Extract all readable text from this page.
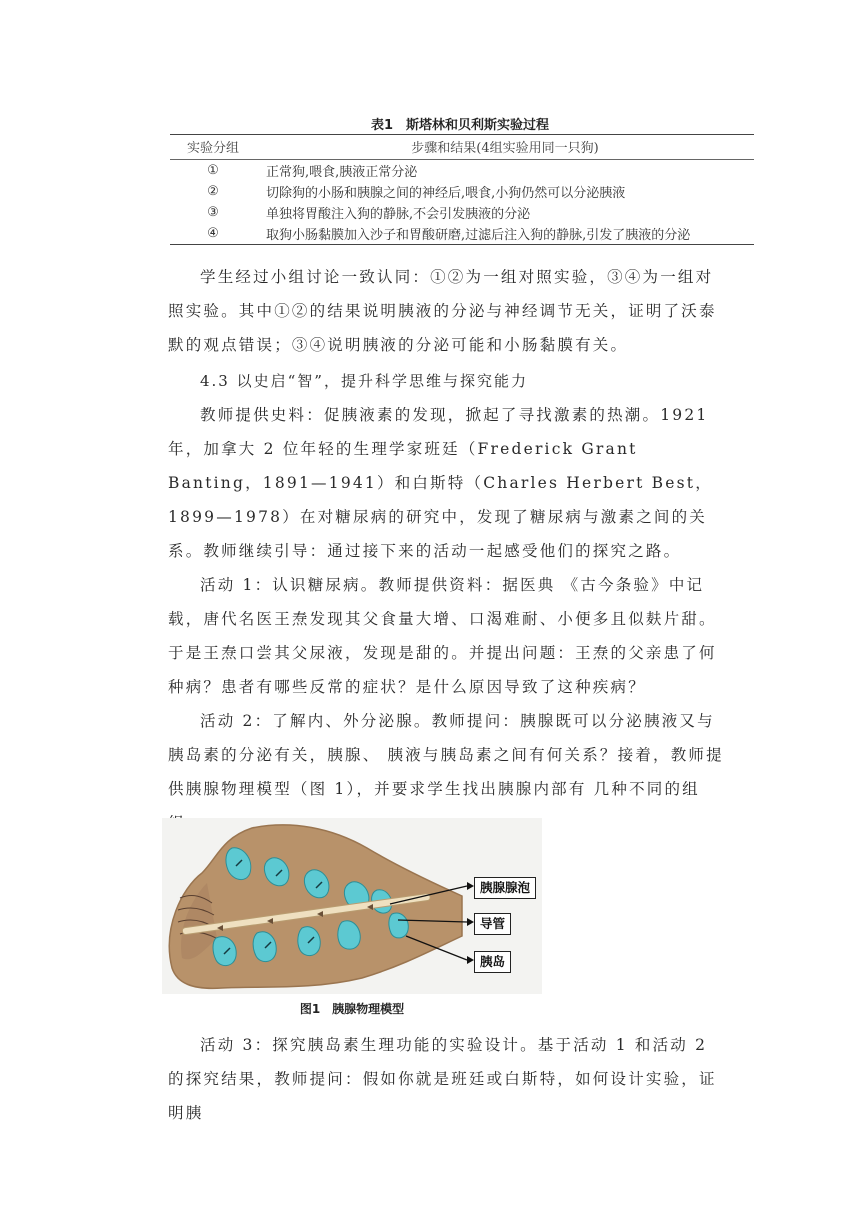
表1　斯塔林和贝利斯实验过程
实验分组	步骤和结果(4组实验用同一只狗)
①	正常狗,喂食,胰液正常分泌
②	切除狗的小肠和胰腺之间的神经后,喂食,小狗仍然可以分泌胰液
③	单独将胃酸注入狗的静脉,不会引发胰液的分泌
④	取狗小肠黏膜加入沙子和胃酸研磨,过滤后注入狗的静脉,引发了胰液的分泌

学生经过小组讨论一致认同：①②为一组对照实验，③④为一组对照实验。其中①②的结果说明胰液的分泌与神经调节无关，证明了沃泰默的观点错误；③④说明胰液的分泌可能和小肠黏膜有关。

4.3 以史启“智”，提升科学思维与探究能力

教师提供史料：促胰液素的发现，掀起了寻找激素的热潮。1921 年，加拿大 2 位年轻的生理学家班廷（Frederick Grant Banting，1891—1941）和白斯特（Charles Herbert Best，1899—1978）在对糖尿病的研究中，发现了糖尿病与激素之间的关系。教师继续引导：通过接下来的活动一起感受他们的探究之路。

活动 1：认识糖尿病。教师提供资料：据医典 《古今条验》中记载，唐代名医王焘发现其父食量大增、口渴难耐、小便多且似麸片甜。于是王焘口尝其父尿液，发现是甜的。并提出问题：王焘的父亲患了何种病？患者有哪些反常的症状？是什么原因导致了这种疾病？

活动 2：了解内、外分泌腺。教师提问：胰腺既可以分泌胰液又与胰岛素的分泌有关，胰腺、 胰液与胰岛素之间有何关系？接着，教师提供胰腺物理模型（图 1），并要求学生找出胰腺内部有 几种不同的组

胰腺腺泡
导管
胰岛
图1　胰腺物理模型

活动 3：探究胰岛素生理功能的实验设计。基于活动 1 和活动 2 的探究结果，教师提问：假如你就是班廷或白斯特，如何设计实验，证明胰
